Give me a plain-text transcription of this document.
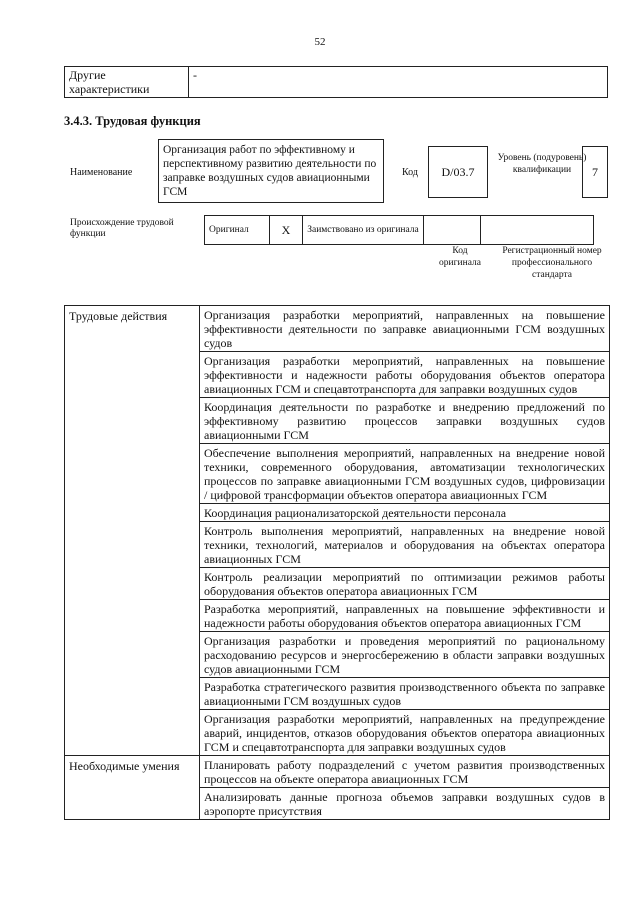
52
Другие характеристики	-
3.4.3. Трудовая функция
Наименование
Организация работ по эффективному и перспективному развитию деятельности по заправке воздушных судов авиационными ГСМ
Код	D/03.7
Уровень (подуровень) квалификации	7
Происхождение трудовой функции	Оригинал	X	Заимствовано из оригинала		
Код оригинала
Регистрационный номер профессионального стандарта
Трудовые действия	Организация разработки мероприятий, направленных на повышение эффективности деятельности по заправке авиационными ГСМ воздушных судов
	Организация разработки мероприятий, направленных на повышение эффективности и надежности работы оборудования объектов оператора авиационных ГСМ и спецавтотранспорта для заправки воздушных судов
	Координация деятельности по разработке и внедрению предложений по эффективному развитию процессов заправки воздушных судов авиационными ГСМ
	Обеспечение выполнения мероприятий, направленных на внедрение новой техники, современного оборудования, автоматизации технологических процессов по заправке авиационными ГСМ воздушных судов, цифровизации / цифровой трансформации объектов оператора авиационных ГСМ
	Координация рационализаторской деятельности персонала
	Контроль выполнения мероприятий, направленных на внедрение новой техники, технологий, материалов и оборудования на объектах оператора авиационных ГСМ
	Контроль реализации мероприятий по оптимизации режимов работы оборудования объектов оператора авиационных ГСМ
	Разработка мероприятий, направленных на повышение эффективности и надежности работы оборудования объектов оператора авиационных ГСМ
	Организация разработки и проведения мероприятий по рациональному расходованию ресурсов и энергосбережению в области заправки воздушных судов авиационными ГСМ
	Разработка стратегического развития производственного объекта по заправке авиационными ГСМ воздушных судов
	Организация разработки мероприятий, направленных на предупреждение аварий, инцидентов, отказов оборудования объектов оператора авиационных ГСМ и спецавтотранспорта для заправки воздушных судов
Необходимые умения	Планировать работу подразделений с учетом развития производственных процессов на объекте оператора авиационных ГСМ
	Анализировать данные прогноза объемов заправки воздушных судов в аэропорте присутствия
